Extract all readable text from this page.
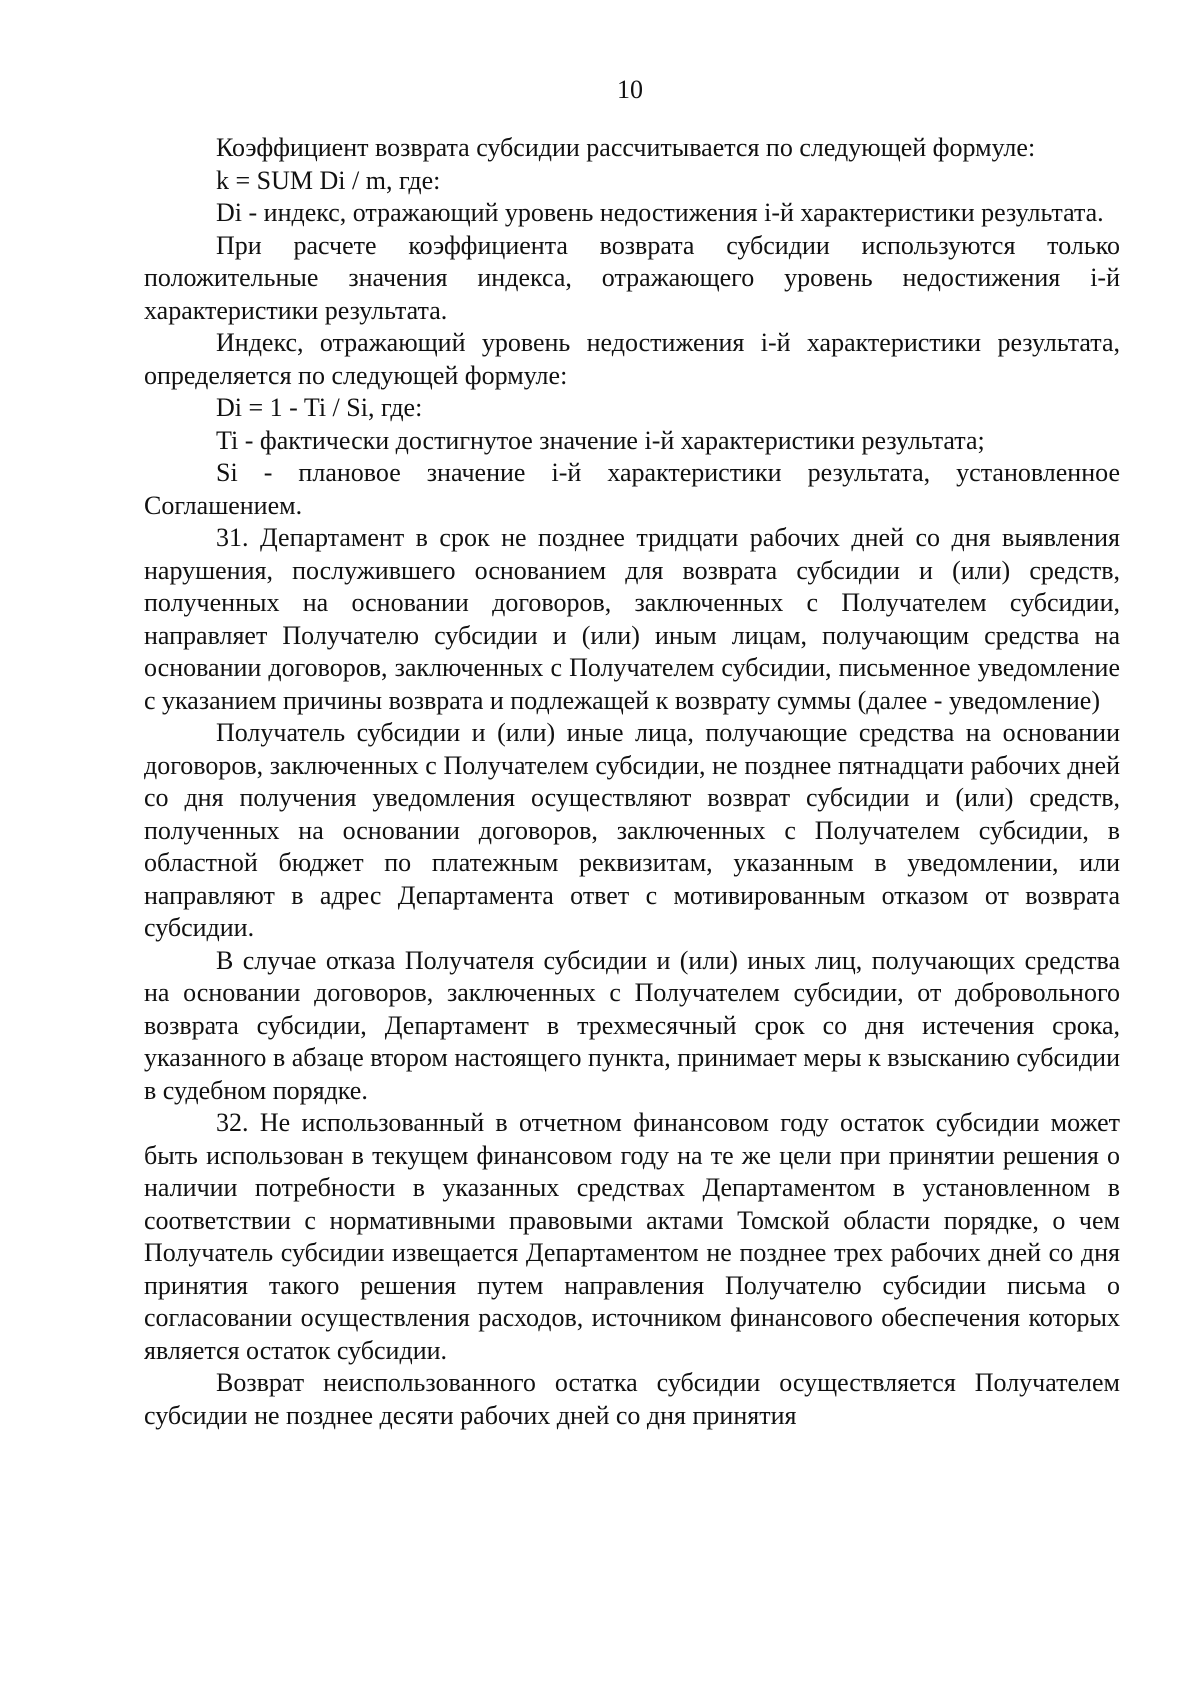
10

Коэффициент возврата субсидии рассчитывается по следующей формуле:

k = SUM Di / m, где:

Di - индекс, отражающий уровень недостижения i-й характеристики результата.

При расчете коэффициента возврата субсидии используются только положительные значения индекса, отражающего уровень недостижения i-й характеристики результата.

Индекс, отражающий уровень недостижения i-й характеристики результата, определяется по следующей формуле:

Di = 1 - Ti / Si, где:

Ti - фактически достигнутое значение i-й характеристики результата;

Si - плановое значение i-й характеристики результата, установленное Соглашением.

31. Департамент в срок не позднее тридцати рабочих дней со дня выявления нарушения, послужившего основанием для возврата субсидии и (или) средств, полученных на основании договоров, заключенных с Получателем субсидии, направляет Получателю субсидии и (или) иным лицам, получающим средства на основании договоров, заключенных с Получателем субсидии, письменное уведомление с указанием причины возврата и подлежащей к возврату суммы (далее - уведомление)

Получатель субсидии и (или) иные лица, получающие средства на основании договоров, заключенных с Получателем субсидии, не позднее пятнадцати рабочих дней со дня получения уведомления осуществляют возврат субсидии и (или) средств, полученных на основании договоров, заключенных с Получателем субсидии, в областной бюджет по платежным реквизитам, указанным в уведомлении, или направляют в адрес Департамента ответ с мотивированным отказом от возврата субсидии.

В случае отказа Получателя субсидии и (или) иных лиц, получающих средства на основании договоров, заключенных с Получателем субсидии, от добровольного возврата субсидии, Департамент в трехмесячный срок со дня истечения срока, указанного в абзаце втором настоящего пункта, принимает меры к взысканию субсидии в судебном порядке.

32. Не использованный в отчетном финансовом году остаток субсидии может быть использован в текущем финансовом году на те же цели при принятии решения о наличии потребности в указанных средствах Департаментом в установленном в соответствии с нормативными правовыми актами Томской области порядке, о чем Получатель субсидии извещается Департаментом не позднее трех рабочих дней со дня принятия такого решения путем направления Получателю субсидии письма о согласовании осуществления расходов, источником финансового обеспечения которых является остаток субсидии.

Возврат неиспользованного остатка субсидии осуществляется Получателем субсидии не позднее десяти рабочих дней со дня принятия
